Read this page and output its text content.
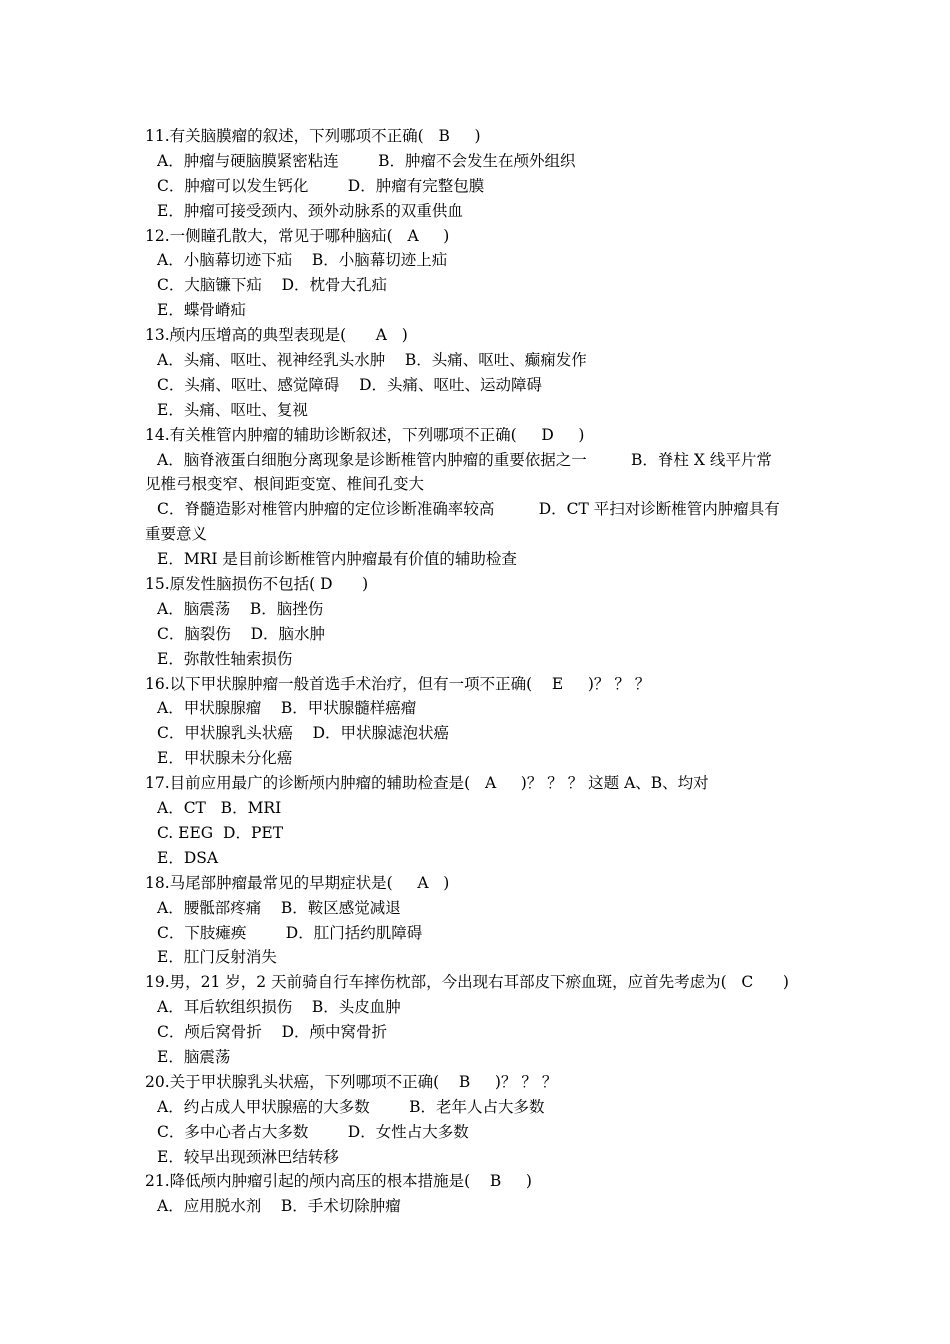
11.有关脑膜瘤的叙述，下列哪项不正确(   B     )
A．肿瘤与硬脑膜紧密粘连        B．肿瘤不会发生在颅外组织
C．肿瘤可以发生钙化        D．肿瘤有完整包膜
E．肿瘤可接受颈内、颈外动脉系的双重供血
12.一侧瞳孔散大，常见于哪种脑疝(   A     )
A．小脑幕切迹下疝    B．小脑幕切迹上疝
C．大脑镰下疝    D．枕骨大孔疝
E．蝶骨嵴疝
13.颅内压增高的典型表现是(      A   )
A．头痛、呕吐、视神经乳头水肿    B．头痛、呕吐、癫痫发作
C．头痛、呕吐、感觉障碍    D．头痛、呕吐、运动障碍
E．头痛、呕吐、复视
14.有关椎管内肿瘤的辅助诊断叙述，下列哪项不正确(     D     )
A．脑脊液蛋白细胞分离现象是诊断椎管内肿瘤的重要依据之一         B．脊柱 X 线平片常
见椎弓根变窄、根间距变宽、椎间孔变大
C．脊髓造影对椎管内肿瘤的定位诊断准确率较高         D．CT 平扫对诊断椎管内肿瘤具有
重要意义
E．MRI 是目前诊断椎管内肿瘤最有价值的辅助检查
15.原发性脑损伤不包括( D      )
A．脑震荡    B．脑挫伤
C．脑裂伤    D．脑水肿
E．弥散性轴索损伤
16.以下甲状腺肿瘤一般首选手术治疗，但有一项不正确(    E     )？ ？ ？
A．甲状腺腺瘤    B．甲状腺髓样癌瘤
C．甲状腺乳头状癌    D．甲状腺滤泡状癌
E．甲状腺未分化癌
17.目前应用最广的诊断颅内肿瘤的辅助检查是(   A     )？ ？ ？ 这题 A、B、均对
A．CT   B．MRI
C. EEG  D．PET
E．DSA
18.马尾部肿瘤最常见的早期症状是(     A   )
A．腰骶部疼痛    B．鞍区感觉减退
C．下肢瘫痪        D．肛门括约肌障碍
E．肛门反射消失
19.男，21 岁，2 天前骑自行车摔伤枕部，今出现右耳部皮下瘀血斑，应首先考虑为(   C      )
A．耳后软组织损伤    B．头皮血肿
C．颅后窝骨折    D．颅中窝骨折
E．脑震荡
20.关于甲状腺乳头状癌，下列哪项不正确(    B     )？ ？ ？
A．约占成人甲状腺癌的大多数        B．老年人占大多数
C．多中心者占大多数        D．女性占大多数
E．较早出现颈淋巴结转移
21.降低颅内肿瘤引起的颅内高压的根本措施是(    B     )
A．应用脱水剂    B．手术切除肿瘤
